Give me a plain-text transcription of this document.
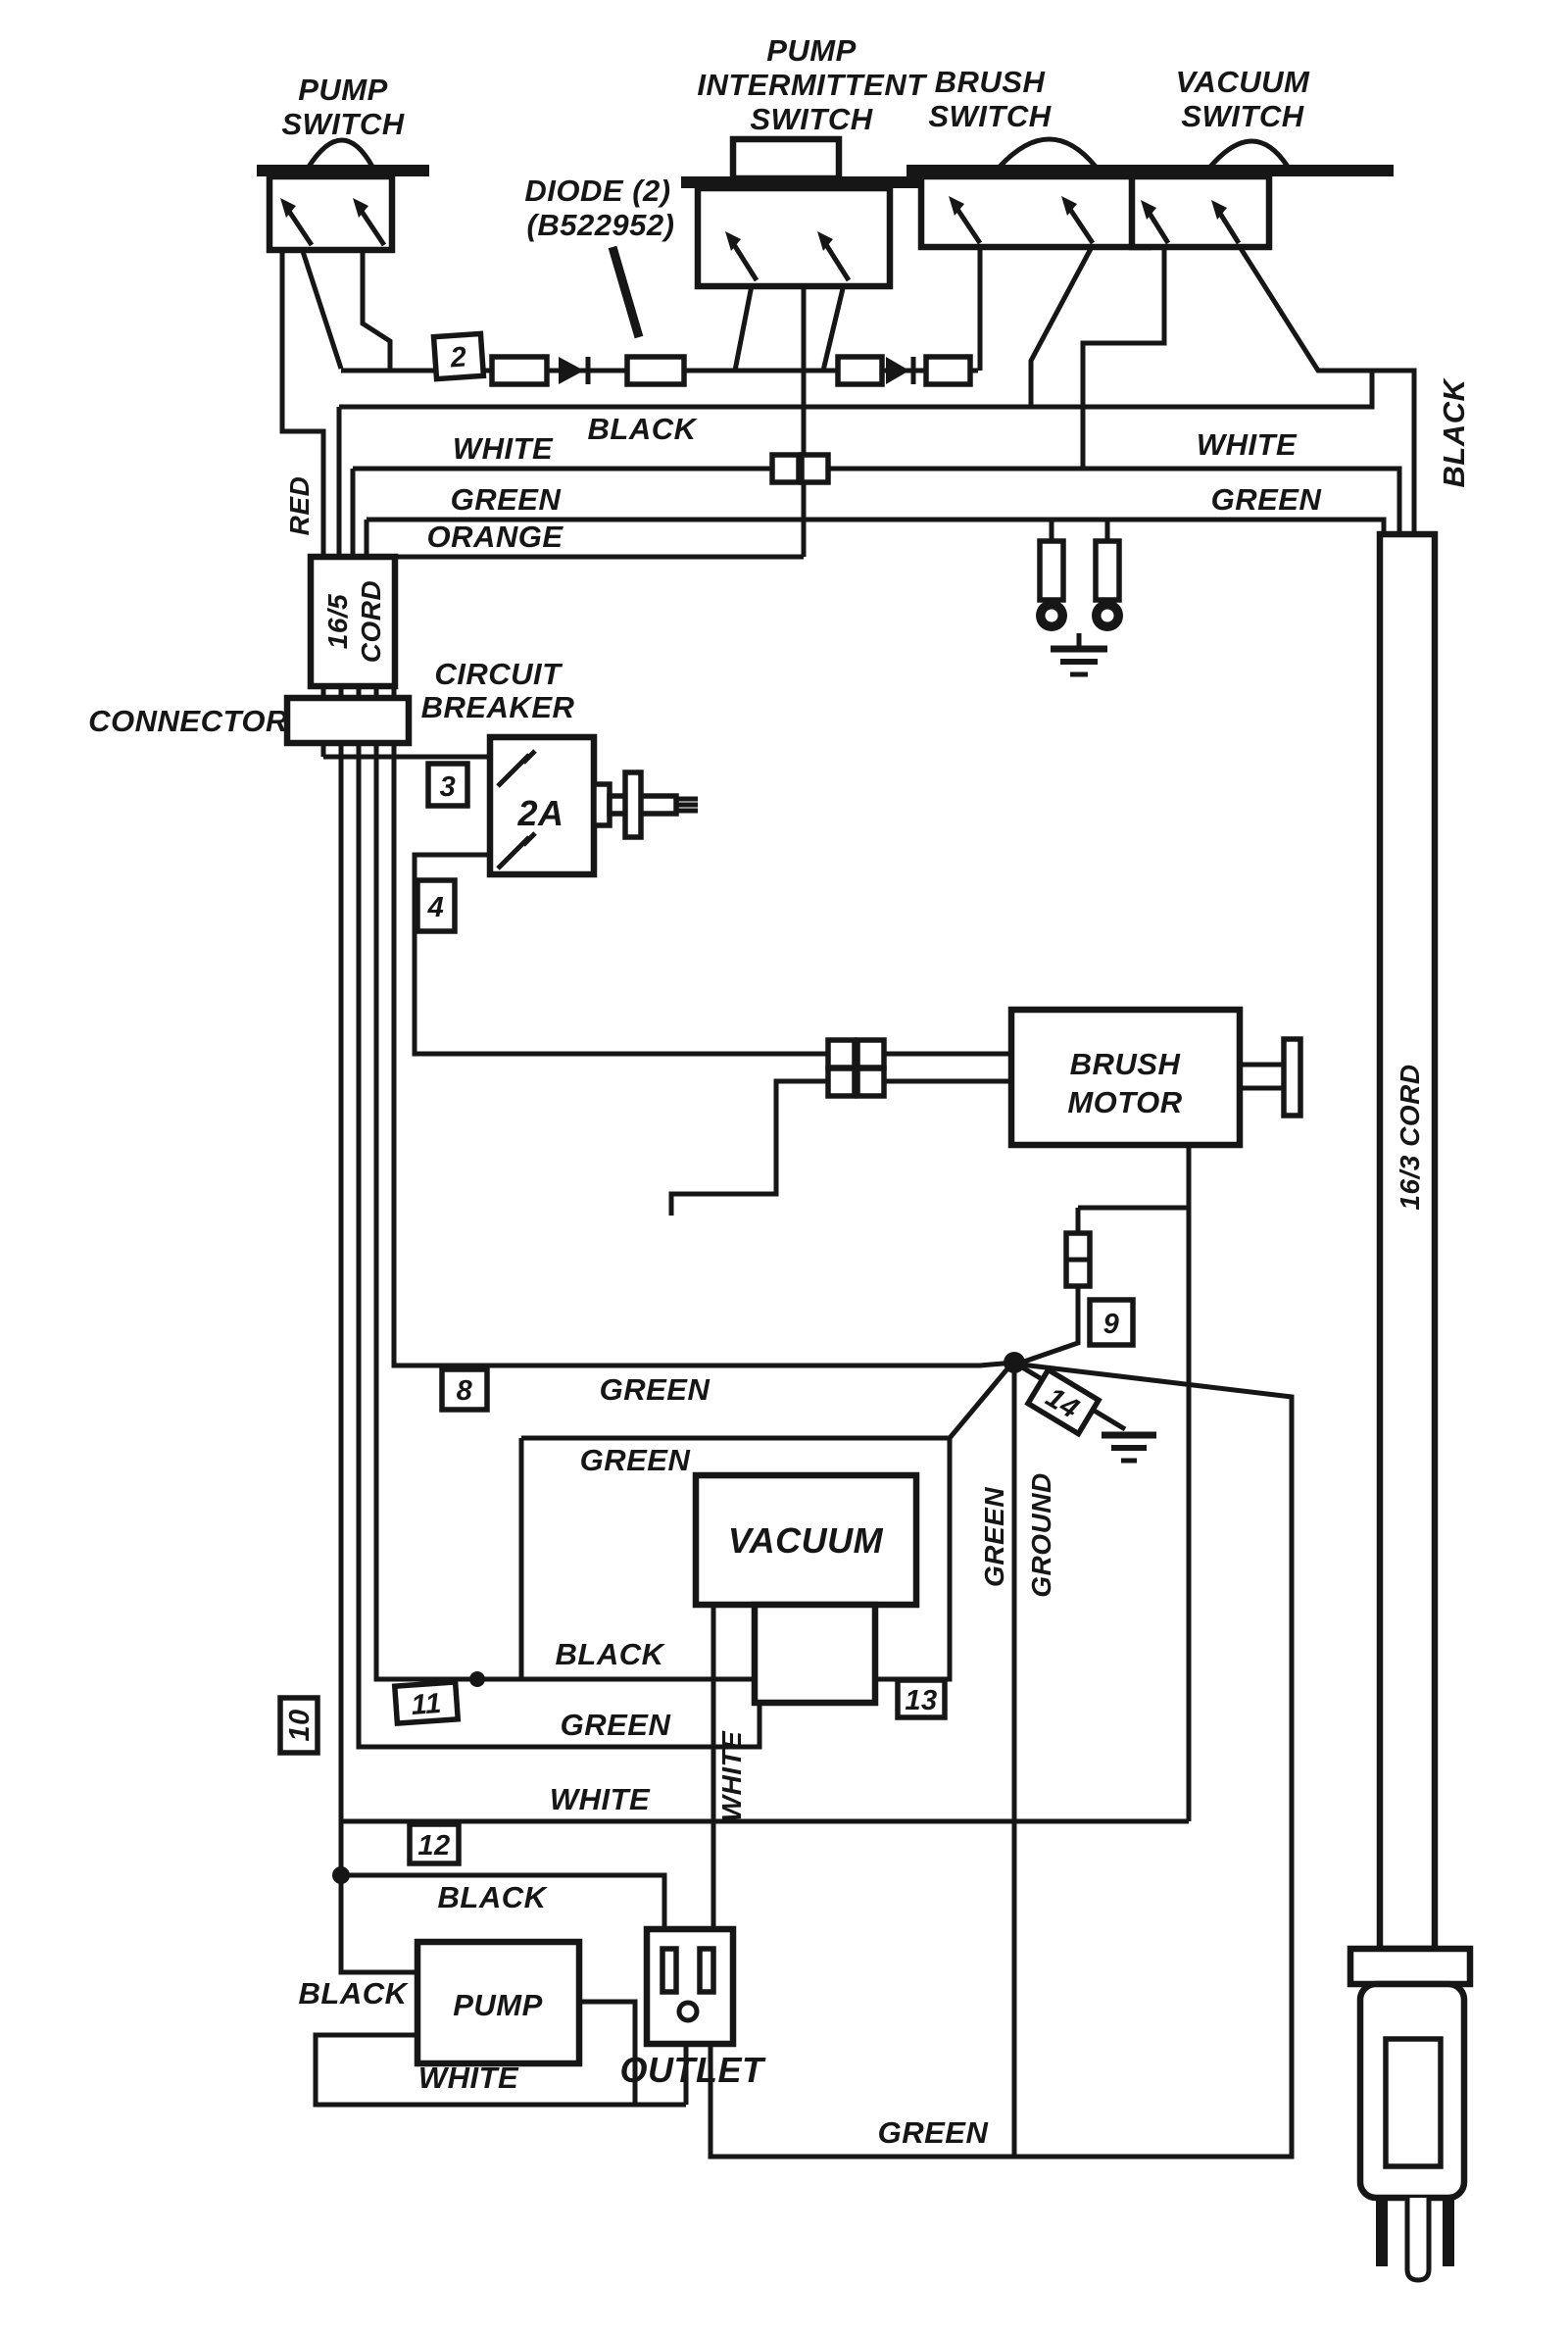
2
3
4
8
9
10
11
12
13
14
PUMP
SWITCH
PUMP
INTERMITTENT
SWITCH
BRUSH
SWITCH
VACUUM
SWITCH
DIODE (2)
(B522952)
RED
BLACK
WHITE
GREEN
ORANGE
WHITE
GREEN
BLACK
16/5 CORD
CONNECTOR
CIRCUIT
BREAKER
2A
BRUSH
MOTOR	16/3 CORD
GREEN
GREEN
GREEN GROUND
VACUUM
BLACK
GREEN
WHITE
WHITE
BLACK
BLACK PUMP
OUTLET
WHITE
GREEN
